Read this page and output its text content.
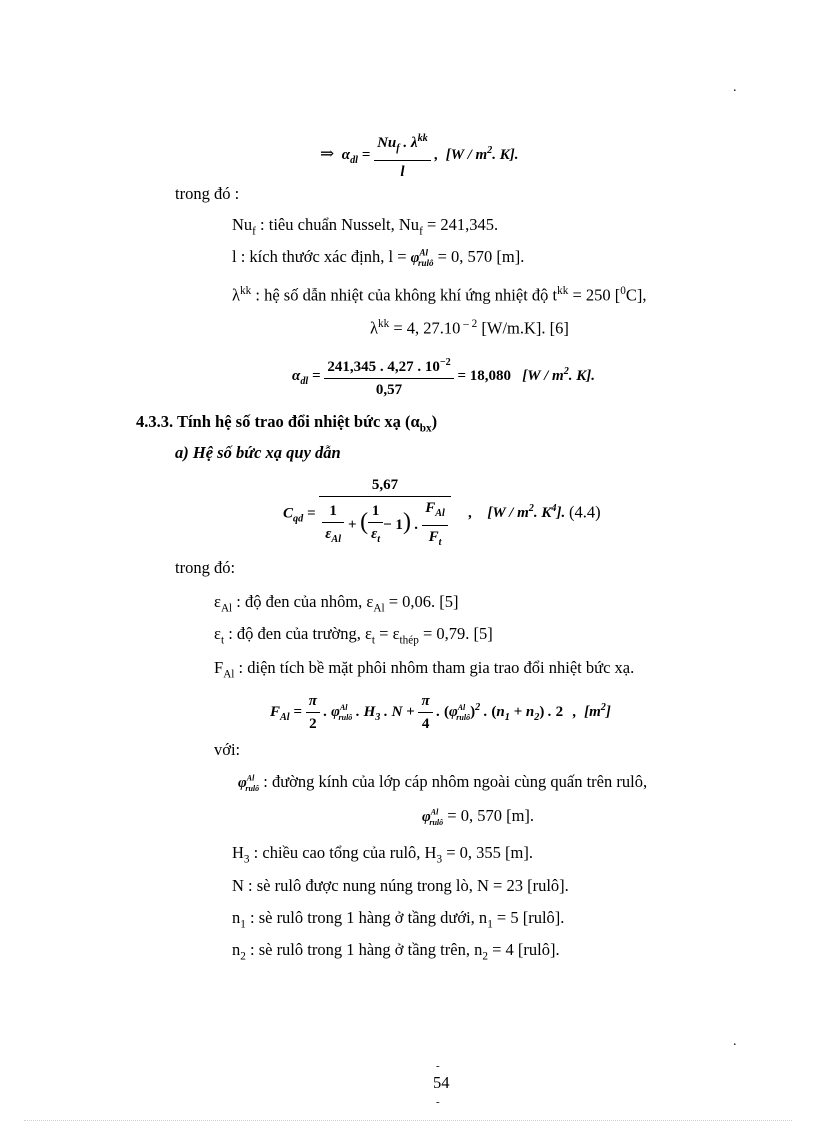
.
.
⇒ $\alpha_{dl} = \frac{Nu_f . \lambda^{kk}}{l}$ , [$W / m^2$. K].
trong đó :
$Nu_f$ : tiêu chuẩn Nusselt, $Nu_f = 241,345$.
l : kích thước xác định, $l = \varphi^{Al}_{rulô} = 0$, 570 [m].
$\lambda^{kk}$ : hệ số dẫn nhiệt của không khí ứng nhiệt độ $t^{kk} = 250$ [$^0$C],
$\lambda^{kk} = 4$, 27.10 $^{- 2}$ [W/m.K]. [6]
$\alpha_{dl} = \frac{241,345 . 4,27 . 10^{-2}}{0,57} = 18,080$ [$W / m^2$. K].
4.3.3. Tính hệ số trao đổi nhiệt bức xạ $(\alpha_{bx})$
a) Hệ số bức xạ quy dẫn
$C_{qd} = \frac{5,67}{\frac{1}{\varepsilon_{Al}} + ( \frac{1}{\varepsilon_t} - 1) . \frac{F_{Al}}{F_t}}$ , [$W / m^2$. $K^4$]. (4.4)
trong đó:
$\varepsilon_{Al}$ : độ đen của nhôm, $\varepsilon_{Al} = 0,06$. [5]
$\varepsilon_t$ : độ đen của trường, $\varepsilon_t = \varepsilon_{thép} = 0,79$. [5]
$F_{Al}$ : diện tích bề mặt phôi nhôm tham gia trao đổi nhiệt bức xạ.
$F_{Al} = \frac{\pi}{2}$ . $\varphi^{Al}_{rulô}$ . $H_3$ . $N + \frac{\pi}{4}$ . $(\varphi^{Al}_{rulô})^2$ . $(n_1 + n_2)$ . 2 , $[m^2]$
với:
$\varphi^{Al}_{rulô}$ : đường kính của lớp cáp nhôm ngoài cùng quấn trên rulô,
$\varphi^{Al}_{rulô} = 0$, 570 [m].
$H_3$ : chiều cao tổng của rulô, $H_3 = 0$, 355 [m].
N : sè rulô được nung núng trong lò, N = 23 [rulô].
$n_1$ : sè rulô trong 1 hàng ở tầng dưới, $n_1 = 5$ [rulô].
$n_2$ : sè rulô trong 1 hàng ở tầng trên, $n_2 = 4$ [rulô].
-
54
-
